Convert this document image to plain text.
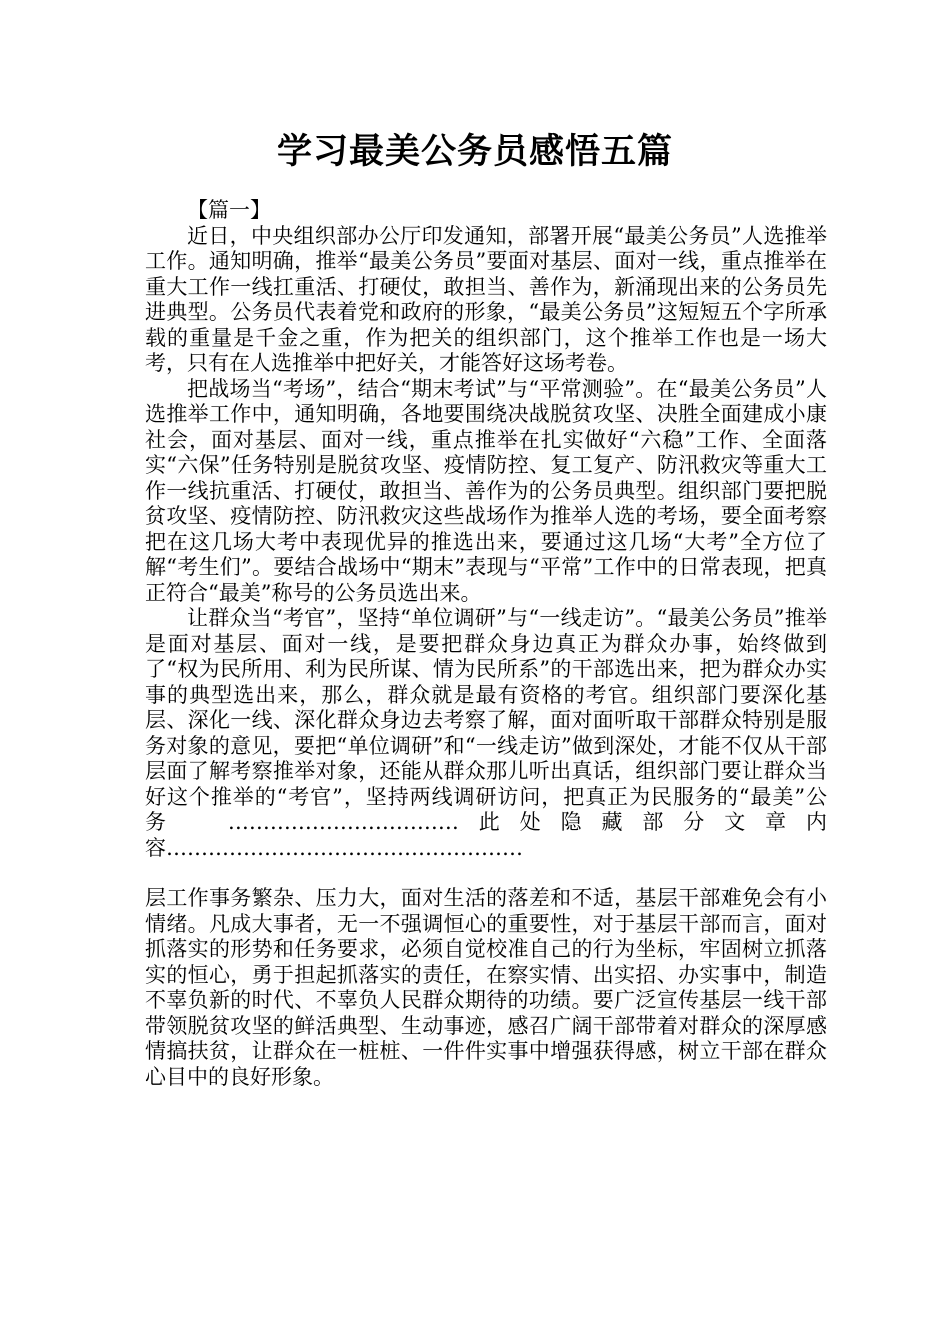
学习最美公务员感悟五篇

【篇一】

近日，中央组织部办公厅印发通知，部署开展“最美公务员”人选推举工作。通知明确，推举“最美公务员”要面对基层、面对一线，重点推举在重大工作一线扛重活、打硬仗，敢担当、善作为，新涌现出来的公务员先进典型。公务员代表着党和政府的形象，“最美公务员”这短短五个字所承载的重量是千金之重，作为把关的组织部门，这个推举工作也是一场大考，只有在人选推举中把好关，才能答好这场考卷。

把战场当“考场”，结合“期末考试”与“平常测验”。在“最美公务员”人选推举工作中，通知明确，各地要围绕决战脱贫攻坚、决胜全面建成小康社会，面对基层、面对一线，重点推举在扎实做好“六稳”工作、全面落实“六保”任务特别是脱贫攻坚、疫情防控、复工复产、防汛救灾等重大工作一线抗重活、打硬仗，敢担当、善作为的公务员典型。组织部门要把脱贫攻坚、疫情防控、防汛救灾这些战场作为推举人选的考场，要全面考察把在这几场大考中表现优异的推选出来，要通过这几场“大考”全方位了解“考生们”。要结合战场中“期末”表现与“平常”工作中的日常表现，把真正符合“最美”称号的公务员选出来。

让群众当“考官”，坚持“单位调研”与“一线走访”。“最美公务员”推举是面对基层、面对一线，是要把群众身边真正为群众办事，始终做到了“权为民所用、利为民所谋、情为民所系”的干部选出来，把为群众办实事的典型选出来，那么，群众就是最有资格的考官。组织部门要深化基层、深化一线、深化群众身边去考察了解，面对面听取干部群众特别是服务对象的意见，要把“单位调研”和“一线走访”做到深处，才能不仅从干部层面了解考察推举对象，还能从群众那儿听出真话，组织部门要让群众当好这个推举的“考官”，坚持两线调研访问，把真正为民服务的“最美”公务   ……………………………此处隐藏部分文章内容……………………………………………

层工作事务繁杂、压力大，面对生活的落差和不适，基层干部难免会有小情绪。凡成大事者，无一不强调恒心的重要性，对于基层干部而言，面对抓落实的形势和任务要求，必须自觉校准自己的行为坐标，牢固树立抓落实的恒心，勇于担起抓落实的责任，在察实情、出实招、办实事中，制造不辜负新的时代、不辜负人民群众期待的功绩。要广泛宣传基层一线干部带领脱贫攻坚的鲜活典型、生动事迹，感召广阔干部带着对群众的深厚感情搞扶贫，让群众在一桩桩、一件件实事中增强获得感，树立干部在群众心目中的良好形象。
